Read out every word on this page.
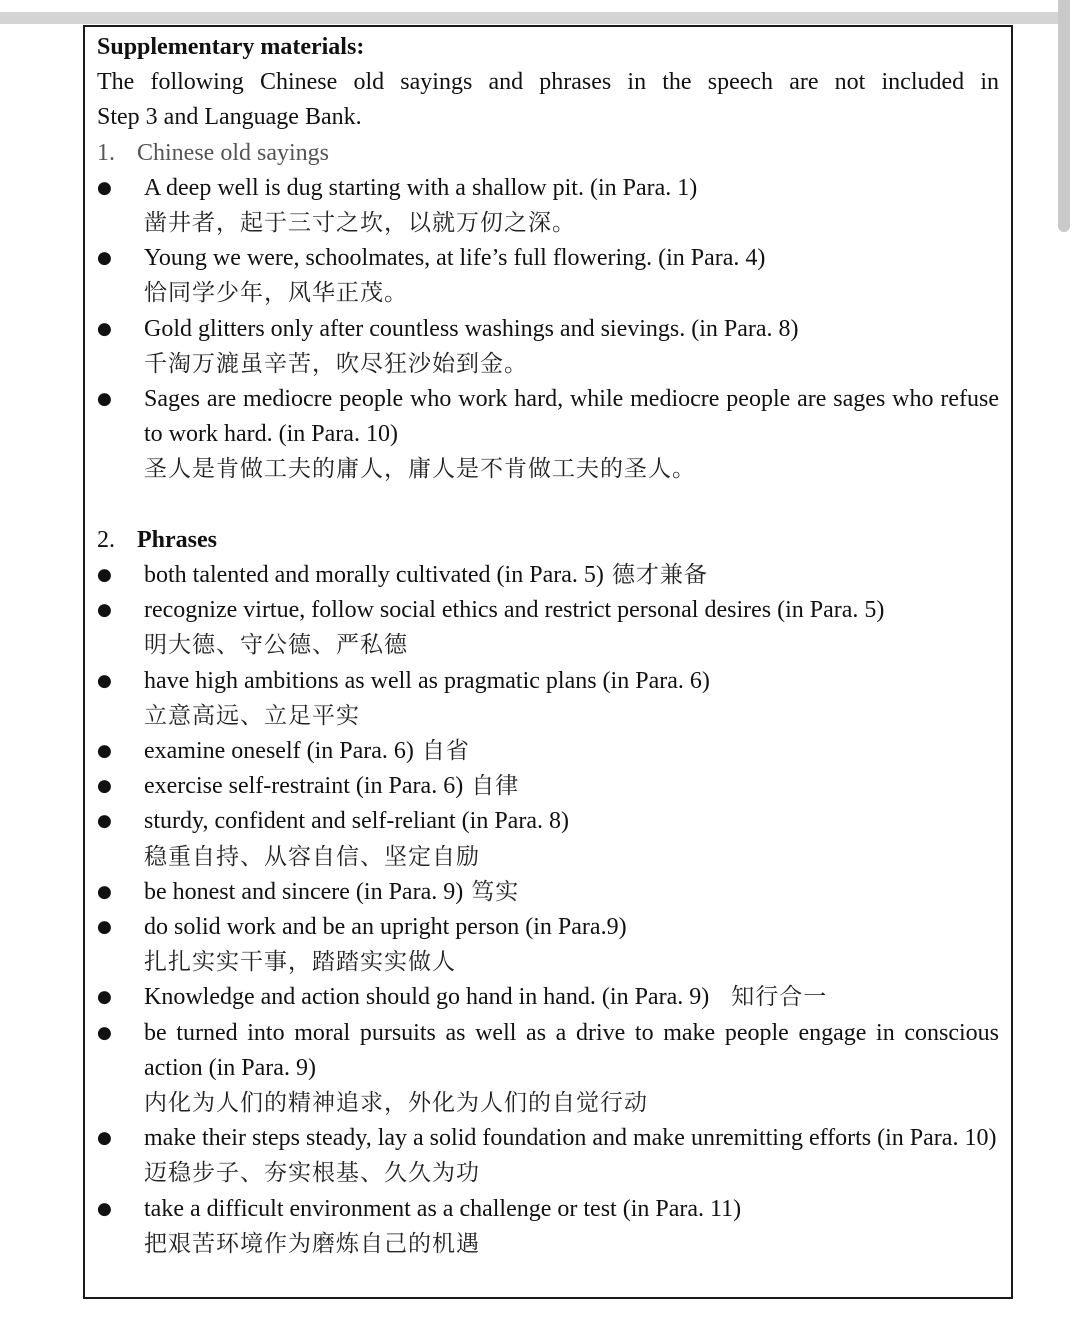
Supplementary materials:

The following Chinese old sayings and phrases in the speech are not included in

Step 3 and Language Bank.

1. Chinese old sayings
● A deep well is dug starting with a shallow pit. (in Para. 1)
凿井者，起于三寸之坎，以就万仞之深。
● Young we were, schoolmates, at life’s full flowering. (in Para. 4)
恰同学少年，风华正茂。
● Gold glitters only after countless washings and sievings. (in Para. 8)
千淘万漉虽辛苦，吹尽狂沙始到金。
● Sages are mediocre people who work hard, while mediocre people are sages who refuse to work hard. (in Para. 10)
圣人是肯做工夫的庸人，庸人是不肯做工夫的圣人。
2. Phrases
● both talented and morally cultivated (in Para. 5) 德才兼备
● recognize virtue, follow social ethics and restrict personal desires (in Para. 5)
明大德、守公德、严私德
● have high ambitions as well as pragmatic plans (in Para. 6)
立意高远、立足平实
● examine oneself (in Para. 6) 自省
● exercise self-restraint (in Para. 6) 自律
● sturdy, confident and self-reliant (in Para. 8)
稳重自持、从容自信、坚定自励
● be honest and sincere (in Para. 9) 笃实
● do solid work and be an upright person (in Para.9)
扎扎实实干事，踏踏实实做人
● Knowledge and action should go hand in hand. (in Para. 9) 知行合一
● be turned into moral pursuits as well as a drive to make people engage in conscious action (in Para. 9)
内化为人们的精神追求，外化为人们的自觉行动
● make their steps steady, lay a solid foundation and make unremitting efforts (in Para. 10)
迈稳步子、夯实根基、久久为功
● take a difficult environment as a challenge or test (in Para. 11)
把艰苦环境作为磨炼自己的机遇
